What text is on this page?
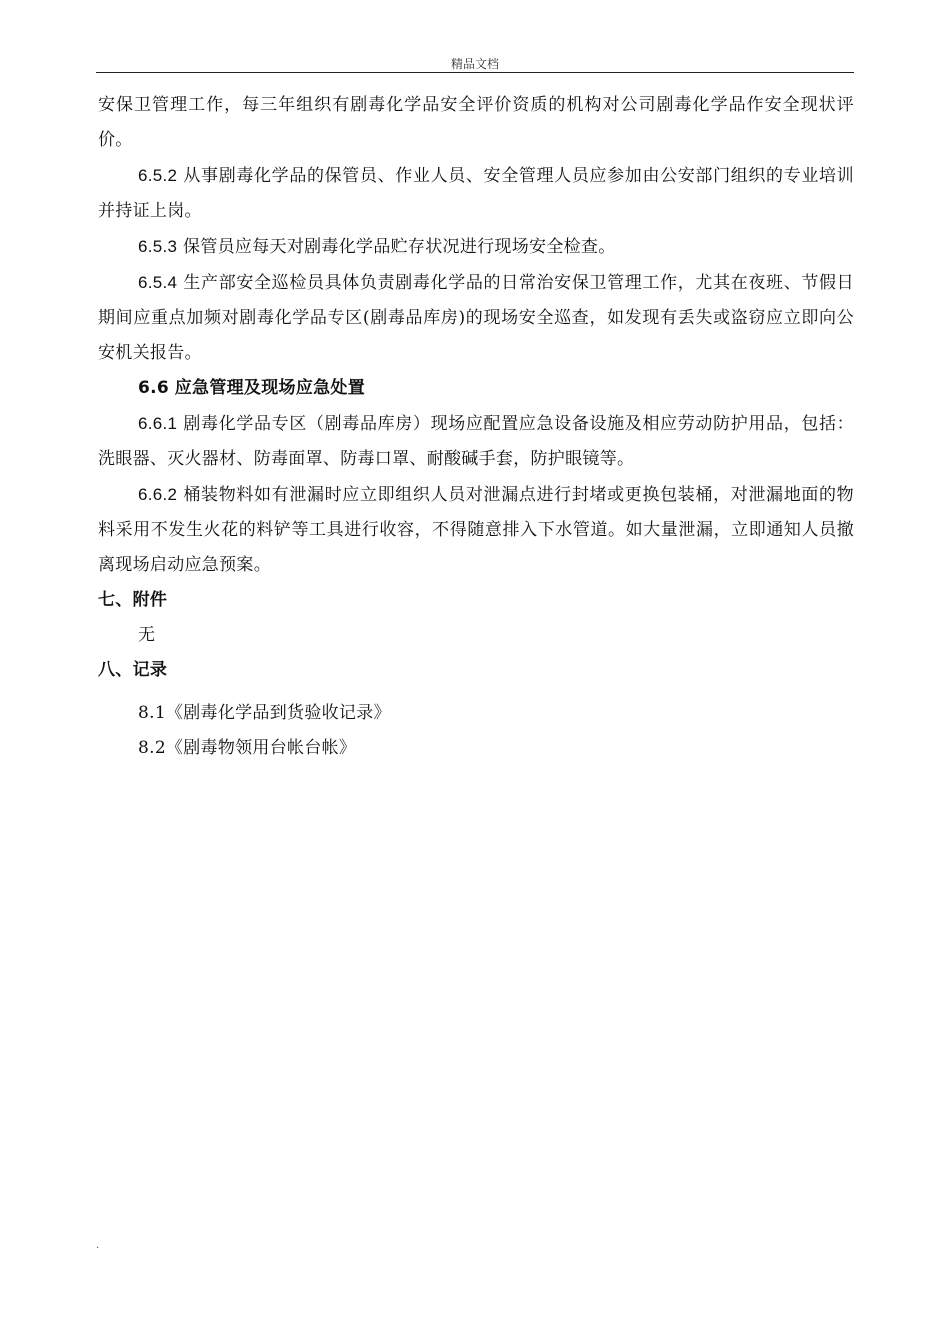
精品文档

安保卫管理工作，每三年组织有剧毒化学品安全评价资质的机构对公司剧毒化学品作安全现状评价。

6.5.2 从事剧毒化学品的保管员、作业人员、安全管理人员应参加由公安部门组织的专业培训并持证上岗。

6.5.3 保管员应每天对剧毒化学品贮存状况进行现场安全检查。

6.5.4 生产部安全巡检员具体负责剧毒化学品的日常治安保卫管理工作，尤其在夜班、节假日期间应重点加频对剧毒化学品专区(剧毒品库房)的现场安全巡查，如发现有丢失或盗窃应立即向公安机关报告。

6.6 应急管理及现场应急处置

6.6.1 剧毒化学品专区（剧毒品库房）现场应配置应急设备设施及相应劳动防护用品，包括：洗眼器、灭火器材、防毒面罩、防毒口罩、耐酸碱手套，防护眼镜等。

6.6.2 桶装物料如有泄漏时应立即组织人员对泄漏点进行封堵或更换包装桶，对泄漏地面的物料采用不发生火花的料铲等工具进行收容，不得随意排入下水管道。如大量泄漏，立即通知人员撤离现场启动应急预案。

七、附件

无

八、记录

8.1《剧毒化学品到货验收记录》

8.2《剧毒物领用台帐台帐》

.
